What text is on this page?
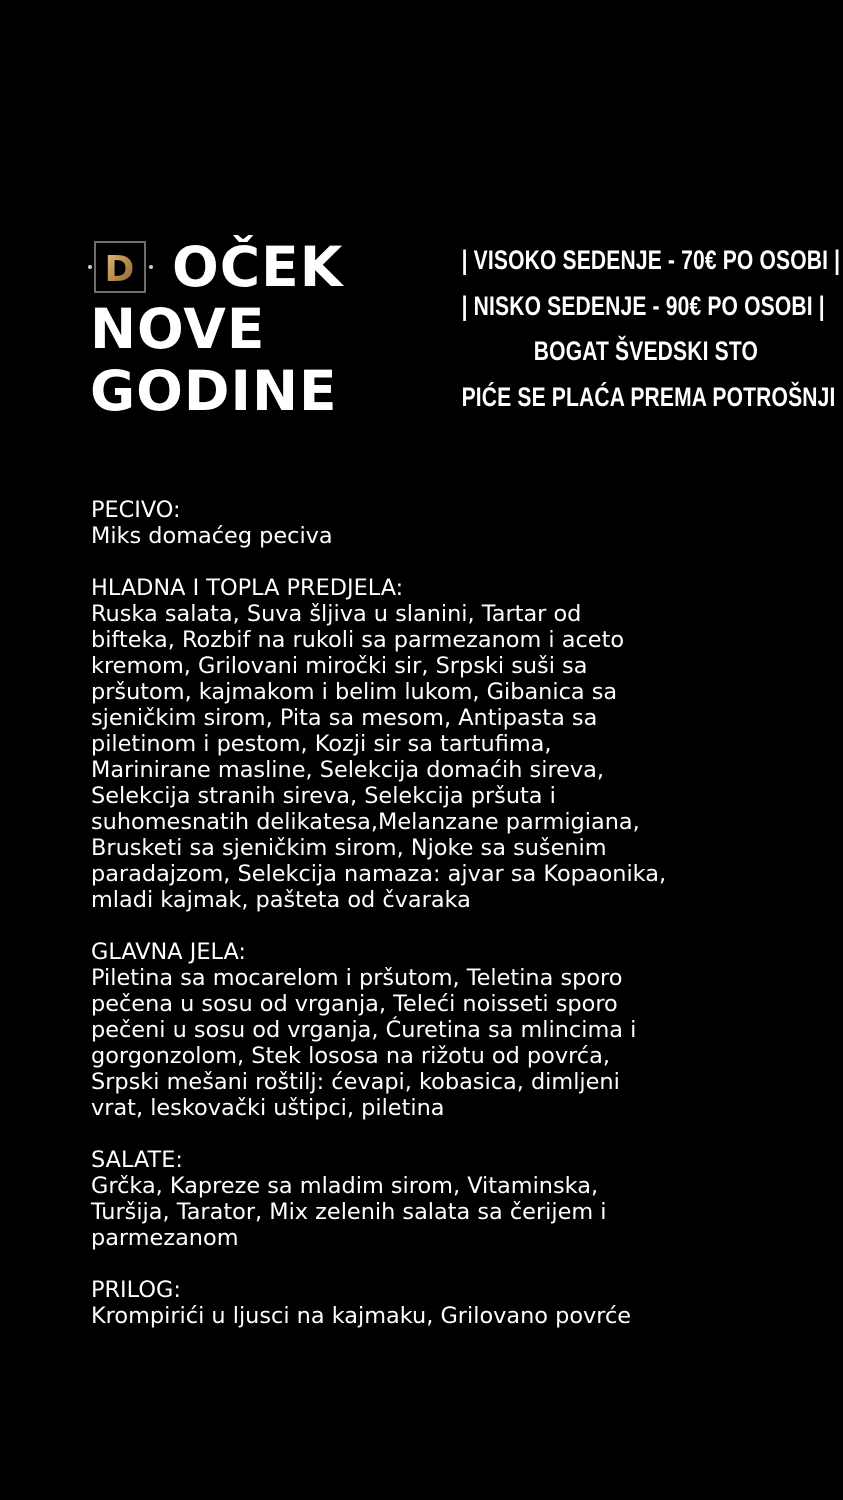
D OČEK
NOVE
GODINE
| VISOKO SEDENJE - 70€ PO OSOBI |
| NISKO SEDENJE - 90€ PO OSOBI |
BOGAT ŠVEDSKI STO
PIĆE SE PLAĆA PREMA POTROŠNJI
PECIVO:
Miks domaćeg peciva
HLADNA I TOPLA PREDJELA:
Ruska salata, Suva šljiva u slanini, Tartar od
bifteka, Rozbif na rukoli sa parmezanom i aceto
kremom, Grilovani miročki sir, Srpski suši sa
pršutom, kajmakom i belim lukom, Gibanica sa
sjeničkim sirom, Pita sa mesom, Antipasta sa
piletinom i pestom, Kozji sir sa tartufima,
Marinirane masline, Selekcija domaćih sireva,
Selekcija stranih sireva, Selekcija pršuta i
suhomesnatih delikatesa,Melanzane parmigiana,
Brusketi sa sjeničkim sirom, Njoke sa sušenim
paradajzom, Selekcija namaza: ajvar sa Kopaonika,
mladi kajmak, pašteta od čvaraka
GLAVNA JELA:
Piletina sa mocarelom i pršutom, Teletina sporo
pečena u sosu od vrganja, Teleći noisseti sporo
pečeni u sosu od vrganja, Ćuretina sa mlincima i
gorgonzolom, Stek lososa na rižotu od povrća,
Srpski mešani roštilj: ćevapi, kobasica, dimljeni
vrat, leskovački uštipci, piletina
SALATE:
Grčka, Kapreze sa mladim sirom, Vitaminska,
Turšija, Tarator, Mix zelenih salata sa čerijem i
parmezanom
PRILOG:
Krompirići u ljusci na kajmaku, Grilovano povrće
